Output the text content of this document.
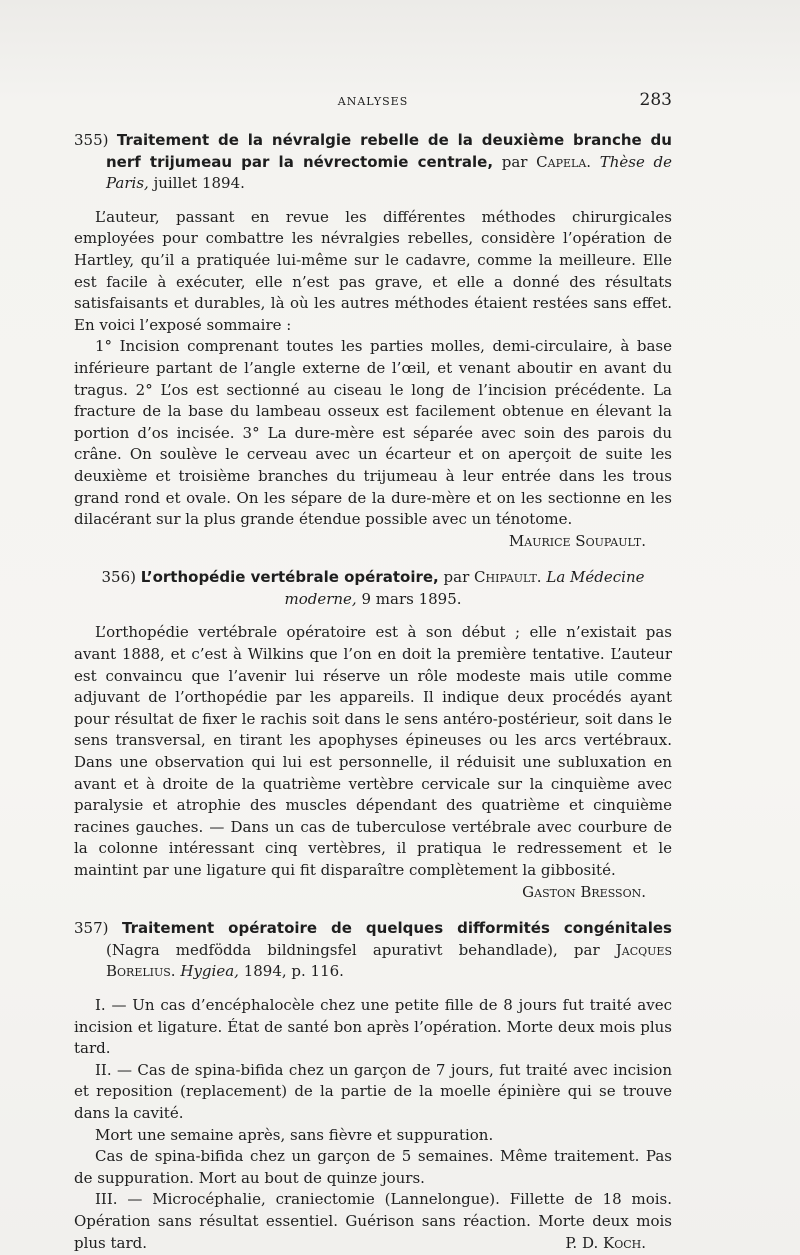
ANALYSES	283

355) Traitement de la névralgie rebelle de la deuxième branche du nerf trijumeau par la névrectomie centrale, par Capela. Thèse de Paris, juillet 1894.

L’auteur, passant en revue les différentes méthodes chirurgicales employées pour combattre les névralgies rebelles, considère l’opération de Hartley, qu’il a pratiquée lui-même sur le cadavre, comme la meilleure. Elle est facile à exécuter, elle n’est pas grave, et elle a donné des résultats satisfaisants et durables, là où les autres méthodes étaient restées sans effet. En voici l’exposé sommaire :

1° Incision comprenant toutes les parties molles, demi-circulaire, à base inférieure partant de l’angle externe de l’œil, et venant aboutir en avant du tragus. 2° L’os est sectionné au ciseau le long de l’incision précédente. La fracture de la base du lambeau osseux est facilement obtenue en élevant la portion d’os incisée. 3° La dure-mère est séparée avec soin des parois du crâne. On soulève le cerveau avec un écarteur et on aperçoit de suite les deuxième et troisième branches du trijumeau à leur entrée dans les trous grand rond et ovale. On les sépare de la dure-mère et on les sectionne en les dilacérant sur la plus grande étendue possible avec un ténotome.
Maurice Soupault.

356) L’orthopédie vertébrale opératoire, par Chipault. La Médecine moderne, 9 mars 1895.

L’orthopédie vertébrale opératoire est à son début ; elle n’existait pas avant 1888, et c’est à Wilkins que l’on en doit la première tentative. L’auteur est convaincu que l’avenir lui réserve un rôle modeste mais utile comme adjuvant de l’orthopédie par les appareils. Il indique deux procédés ayant pour résultat de fixer le rachis soit dans le sens antéro-postérieur, soit dans le sens transversal, en tirant les apophyses épineuses ou les arcs vertébraux. Dans une observation qui lui est personnelle, il réduisit une subluxation en avant et à droite de la quatrième vertèbre cervicale sur la cinquième avec paralysie et atrophie des muscles dépendant des quatrième et cinquième racines gauches. — Dans un cas de tuberculose vertébrale avec courbure de la colonne intéressant cinq vertèbres, il pratiqua le redressement et le maintint par une ligature qui fit disparaître complètement la gibbosité.
Gaston Bresson.

357) Traitement opératoire de quelques difformités congénitales (Nagra medfödda bildningsfel apurativt behandlade), par Jacques Borelius. Hygiea, 1894, p. 116.

I. — Un cas d’encéphalocèle chez une petite fille de 8 jours fut traité avec incision et ligature. État de santé bon après l’opération. Morte deux mois plus tard.

II. — Cas de spina-bifida chez un garçon de 7 jours, fut traité avec incision et reposition (replacement) de la partie de la moelle épinière qui se trouve dans la cavité.

Mort une semaine après, sans fièvre et suppuration.

Cas de spina-bifida chez un garçon de 5 semaines. Même traitement. Pas de suppuration. Mort au bout de quinze jours.

III. — Microcéphalie, craniectomie (Lannelongue). Fillette de 18 mois. Opération sans résultat essentiel. Guérison sans réaction. Morte deux mois plus tard.	P. D. Koch.
